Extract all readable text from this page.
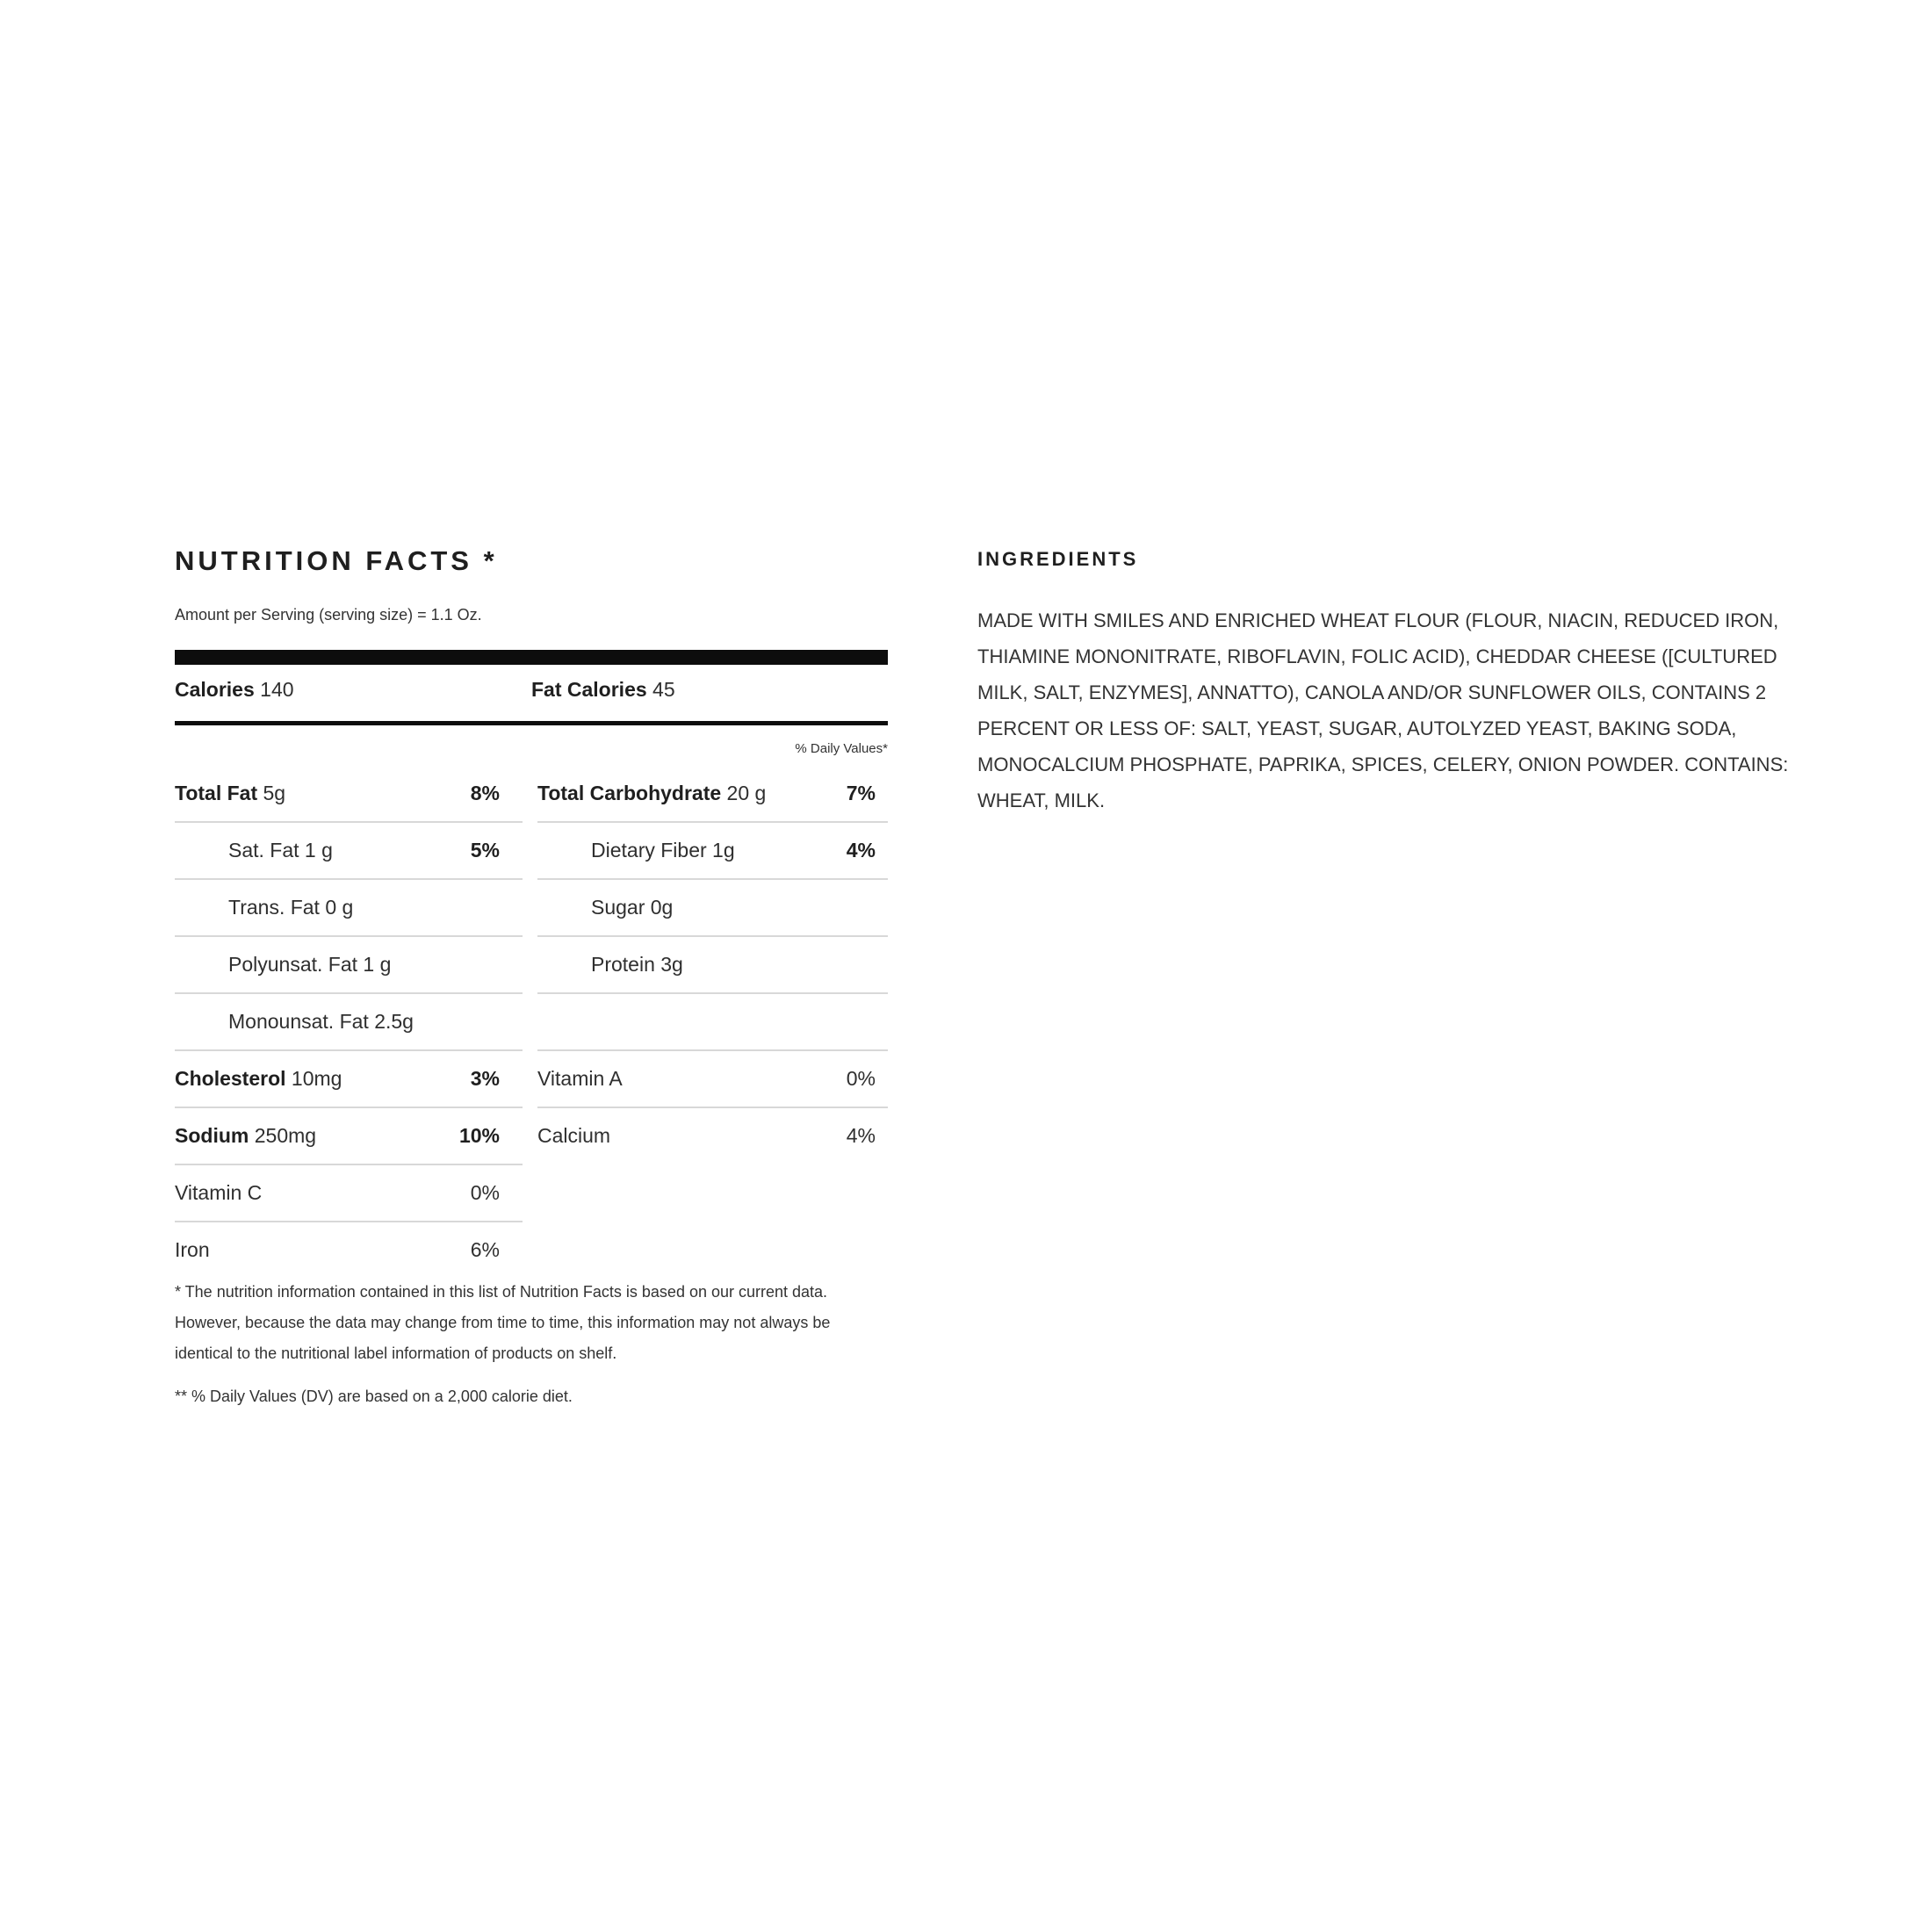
NUTRITION FACTS *
Amount per Serving (serving size) = 1.1 Oz.
Calories 140	Fat Calories 45
% Daily Values*
Total Fat 5g	8%
Sat. Fat 1 g	5%
Trans. Fat 0 g
Polyunsat. Fat 1 g
Monounsat. Fat 2.5g
Cholesterol 10mg	3%
Sodium 250mg	10%
Vitamin C	0%
Iron	6%
Total Carbohydrate 20 g	7%
Dietary Fiber 1g	4%
Sugar 0g
Protein 3g
Vitamin A	0%
Calcium	4%
* The nutrition information contained in this list of Nutrition Facts is based on our current data. However, because the data may change from time to time, this information may not always be identical to the nutritional label information of products on shelf.
** % Daily Values (DV) are based on a 2,000 calorie diet.
INGREDIENTS
MADE WITH SMILES AND ENRICHED WHEAT FLOUR (FLOUR, NIACIN, REDUCED IRON, THIAMINE MONONITRATE, RIBOFLAVIN, FOLIC ACID), CHEDDAR CHEESE ([CULTURED MILK, SALT, ENZYMES], ANNATTO), CANOLA AND/OR SUNFLOWER OILS, CONTAINS 2 PERCENT OR LESS OF: SALT, YEAST, SUGAR, AUTOLYZED YEAST, BAKING SODA, MONOCALCIUM PHOSPHATE, PAPRIKA, SPICES, CELERY, ONION POWDER. CONTAINS: WHEAT, MILK.
